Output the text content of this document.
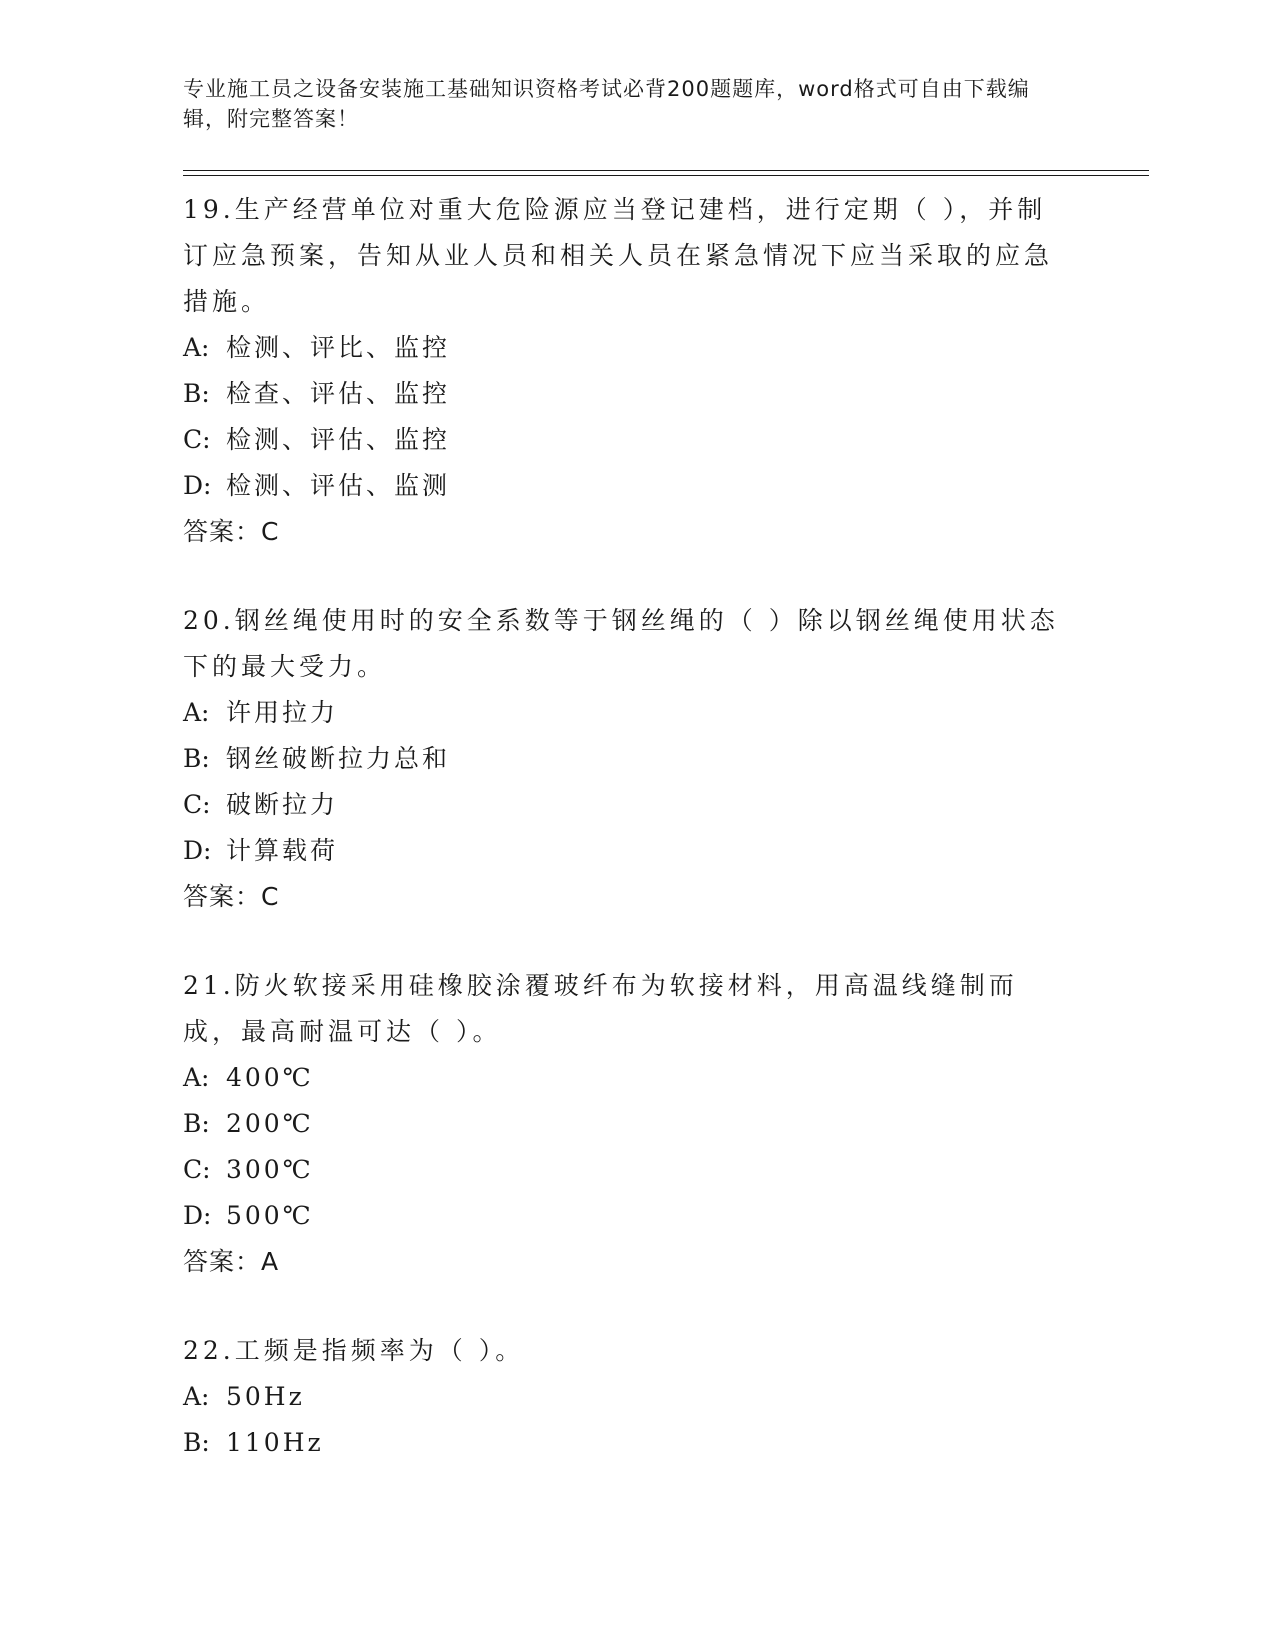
专业施工员之设备安装施工基础知识资格考试必背200题题库，word格式可自由下载编辑，附完整答案！

19.生产经营单位对重大危险源应当登记建档，进行定期（ ），并制订应急预案，告知从业人员和相关人员在紧急情况下应当采取的应急措施。

A: 检测、评比、监控
B: 检查、评估、监控
C: 检测、评估、监控
D: 检测、评估、监测

答案：C

20.钢丝绳使用时的安全系数等于钢丝绳的（ ）除以钢丝绳使用状态下的最大受力。

A: 许用拉力
B: 钢丝破断拉力总和
C: 破断拉力
D: 计算载荷

答案：C

21.防火软接采用硅橡胶涂覆玻纤布为软接材料，用高温线缝制而成，最高耐温可达（ ）。

A: 400℃
B: 200℃
C: 300℃
D: 500℃

答案：A

22.工频是指频率为（ ）。

A: 50Hz
B: 110Hz
